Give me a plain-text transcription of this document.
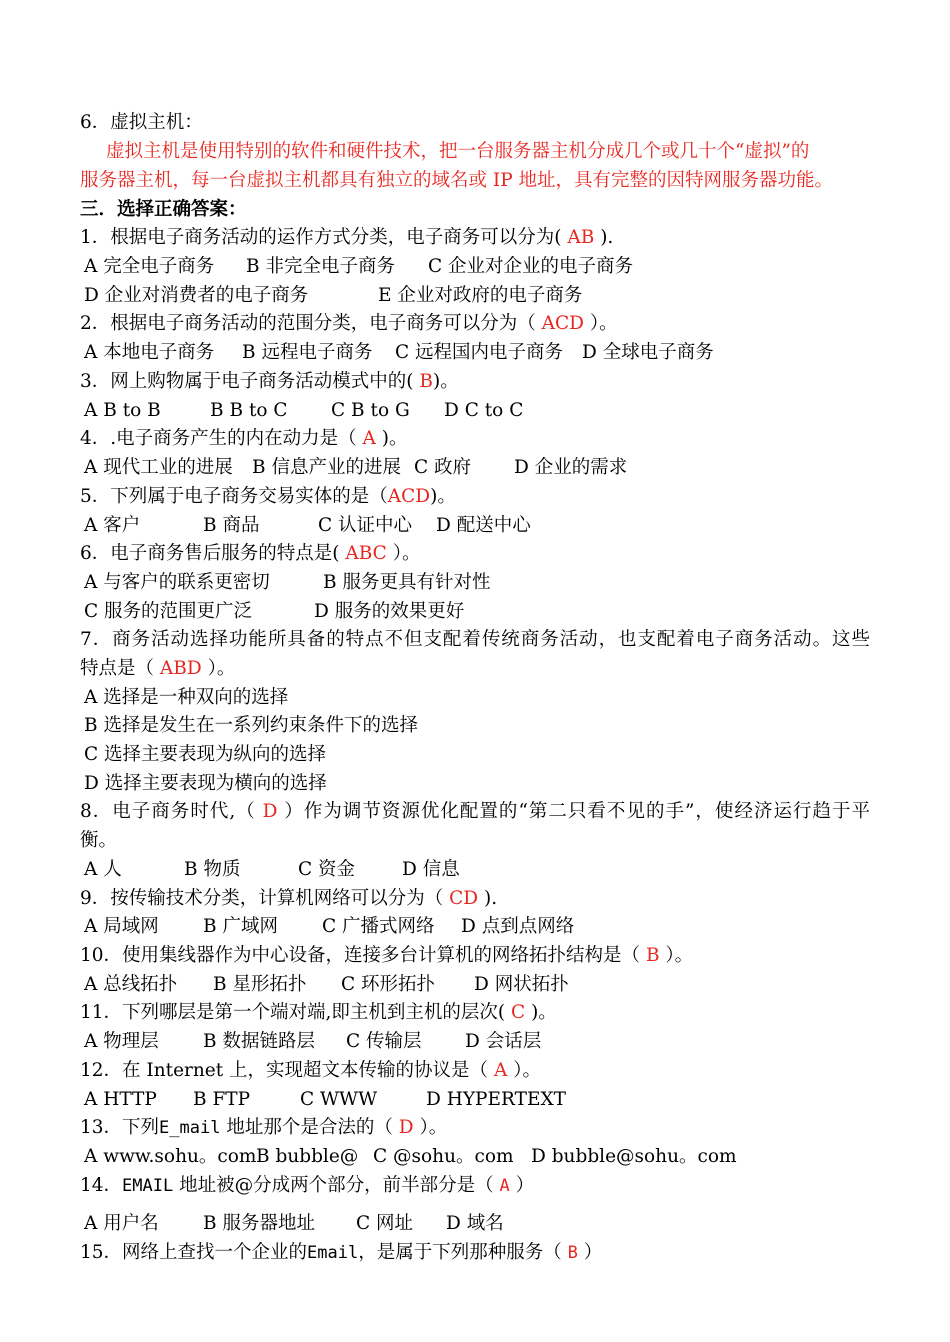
6．虚拟主机：
虚拟主机是使用特别的软件和硬件技术，把一台服务器主机分成几个或几十个“虚拟”的
服务器主机，每一台虚拟主机都具有独立的域名或 IP 地址，具有完整的因特网服务器功能。
三．选择正确答案：
1．根据电子商务活动的运作方式分类，电子商务可以分为( AB ).
A 完全电子商务 B 非完全电子商务 C 企业对企业的电子商务
D 企业对消费者的电子商务	E 企业对政府的电子商务
2．根据电子商务活动的范围分类，电子商务可以分为（ ACD ）。
A 本地电子商务 B 远程电子商务 C 远程国内电子商务 D 全球电子商务
3．网上购物属于电子商务活动模式中的( B)。
A B to B	B B to C C B to G D C to C
4．.电子商务产生的内在动力是（ A )。
A 现代工业的进展 B 信息产业的进展 C 政府 D 企业的需求
5．下列属于电子商务交易实体的是（ACD)。
A 客户	B 商品	C 认证中心 D 配送中心
6．电子商务售后服务的特点是( ABC ）。
A 与客户的联系更密切	B 服务更具有针对性
C 服务的范围更广泛	D 服务的效果更好
7．商务活动选择功能所具备的特点不但支配着传统商务活动，也支配着电子商务活动。这些
特点是（ ABD ）。
A 选择是一种双向的选择
B 选择是发生在一系列约束条件下的选择
C 选择主要表现为纵向的选择
D 选择主要表现为横向的选择
8．电子商务时代,（ D ）作为调节资源优化配置的“第二只看不见的手”，使经济运行趋于平
衡。
A 人	B 物质	C 资金	D 信息
9．按传输技术分类，计算机网络可以分为（ CD ).
A 局域网 B 广域网 C 广播式网络 D 点到点网络
10．使用集线器作为中心设备，连接多台计算机的网络拓扑结构是（ B ）。
A 总线拓扑 B 星形拓扑 C 环形拓扑 D 网状拓扑
11．下列哪层是第一个端对端,即主机到主机的层次( C )。
A 物理层 B 数据链路层 C 传输层 D 会话层
12．在 Internet 上，实现超文本传输的协议是（ A ）。
A HTTP B FTP	C WWW	D HYPERTEXT
13．下列E_mail 地址那个是合法的（ D ）。
A www.sohu。com B bubble@ C @sohu。com D bubble@sohu。com
14．EMAIL 地址被@分成两个部分，前半部分是（ A ）
A 用户名 B 服务器地址 C 网址 D 域名
15．网络上查找一个企业的Email，是属于下列那种服务（ B ）
